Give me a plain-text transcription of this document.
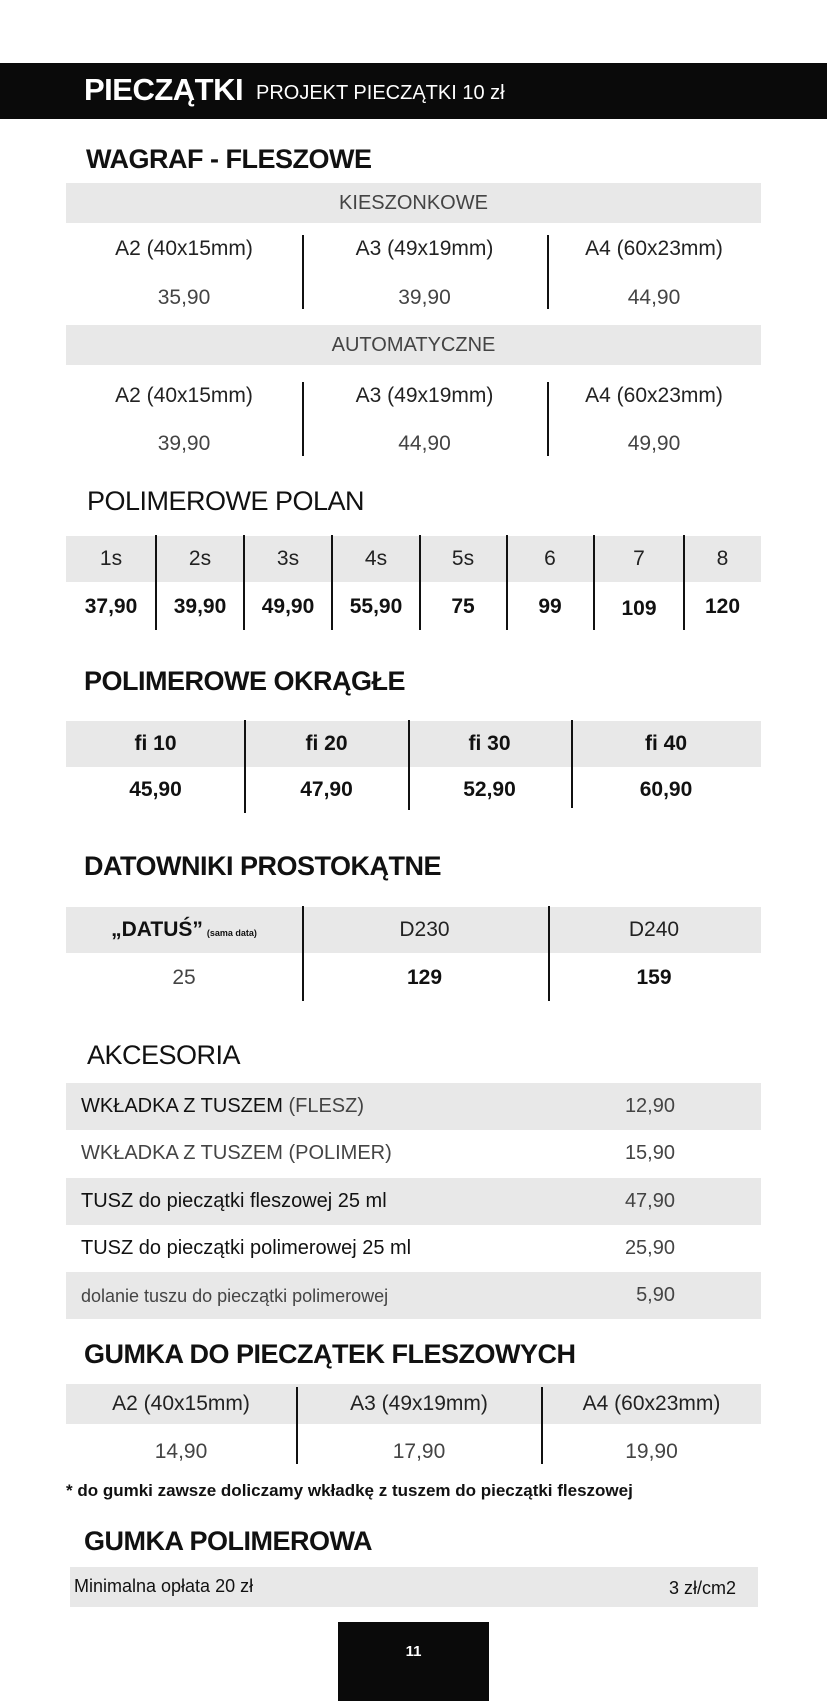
PIECZĄTKI PROJEKT PIECZĄTKI 10 zł
WAGRAF - FLESZOWE
KIESZONKOWE
A2 (40x15mm)	A3 (49x19mm)	A4 (60x23mm)
35,90	39,90	44,90
AUTOMATYCZNE
A2 (40x15mm)	A3 (49x19mm)	A4 (60x23mm)
39,90	44,90	49,90
POLIMEROWE POLAN
1s	2s	3s	4s	5s	6	7	8
37,90	39,90	49,90	55,90	75	99	109	120
POLIMEROWE OKRĄGŁE
fi 10	fi 20	fi 30	fi 40
45,90	47,90	52,90	60,90
DATOWNIKI PROSTOKĄTNE
„DATUŚ” (sama data)	D230	D240
25	129	159
AKCESORIA
WKŁADKA Z TUSZEM (FLESZ)	12,90
WKŁADKA Z TUSZEM (POLIMER)	15,90
TUSZ do pieczątki fleszowej 25 ml	47,90
TUSZ do pieczątki polimerowej 25 ml	25,90
dolanie tuszu do pieczątki polimerowej	5,90
GUMKA DO PIECZĄTEK FLESZOWYCH
A2 (40x15mm)	A3 (49x19mm)	A4 (60x23mm)
14,90	17,90	19,90
* do gumki zawsze doliczamy wkładkę z tuszem do pieczątki fleszowej
GUMKA POLIMEROWA
Minimalna opłata 20 zł	3 zł/cm2
11
